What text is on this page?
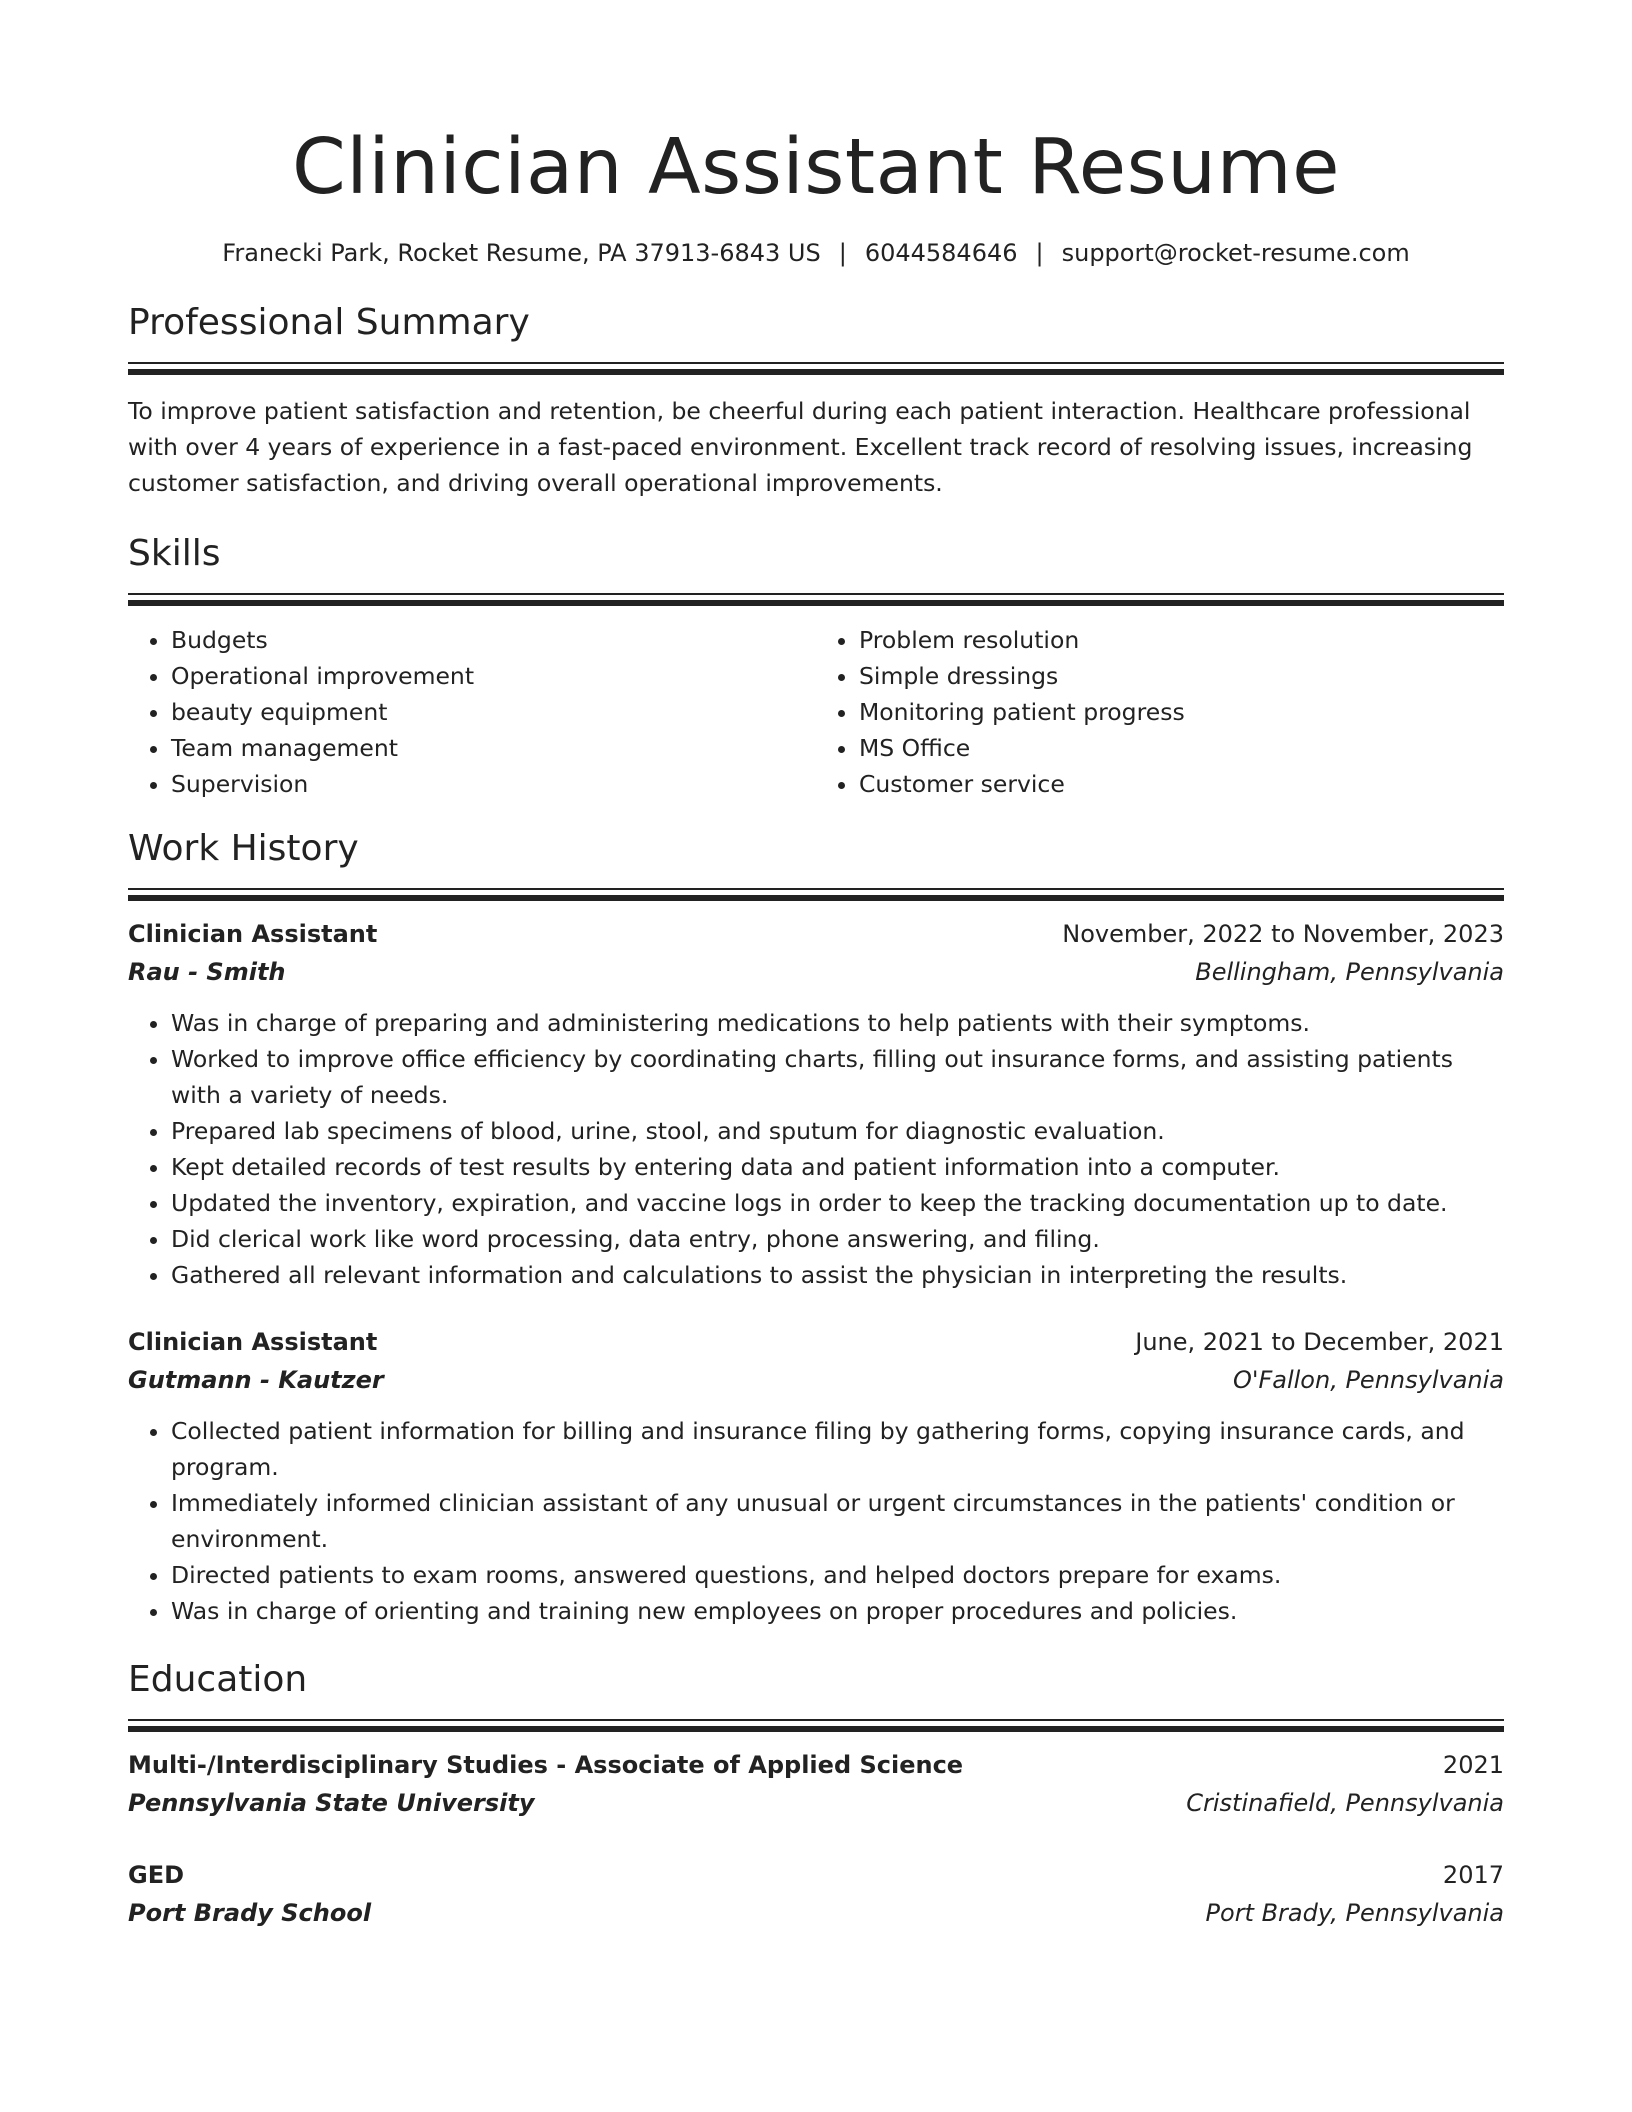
Clinician Assistant Resume
Franecki Park, Rocket Resume, PA 37913-6843 US | 6044584646 | support@rocket-resume.com
Professional Summary

To improve patient satisfaction and retention, be cheerful during each patient interaction. Healthcare professional with over 4 years of experience in a fast-paced environment. Excellent track record of resolving issues, increasing customer satisfaction, and driving overall operational improvements.

Skills
• Budgets
• Operational improvement
• beauty equipment
• Team management
• Supervision
• Problem resolution
• Simple dressings
• Monitoring patient progress
• MS Office
• Customer service
Work History
Clinician Assistant	November, 2022 to November, 2023
Rau - Smith	Bellingham, Pennsylvania
• Was in charge of preparing and administering medications to help patients with their symptoms.
• Worked to improve office efficiency by coordinating charts, filling out insurance forms, and assisting patients with a variety of needs.
• Prepared lab specimens of blood, urine, stool, and sputum for diagnostic evaluation.
• Kept detailed records of test results by entering data and patient information into a computer.
• Updated the inventory, expiration, and vaccine logs in order to keep the tracking documentation up to date.
• Did clerical work like word processing, data entry, phone answering, and filing.
• Gathered all relevant information and calculations to assist the physician in interpreting the results.
Clinician Assistant	June, 2021 to December, 2021
Gutmann - Kautzer	O'Fallon, Pennsylvania
• Collected patient information for billing and insurance filing by gathering forms, copying insurance cards, and program.
• Immediately informed clinician assistant of any unusual or urgent circumstances in the patients' condition or environment.
• Directed patients to exam rooms, answered questions, and helped doctors prepare for exams.
• Was in charge of orienting and training new employees on proper procedures and policies.
Education
Multi-/Interdisciplinary Studies - Associate of Applied Science	2021
Pennsylvania State University	Cristinafield, Pennsylvania
GED	2017
Port Brady School	Port Brady, Pennsylvania
